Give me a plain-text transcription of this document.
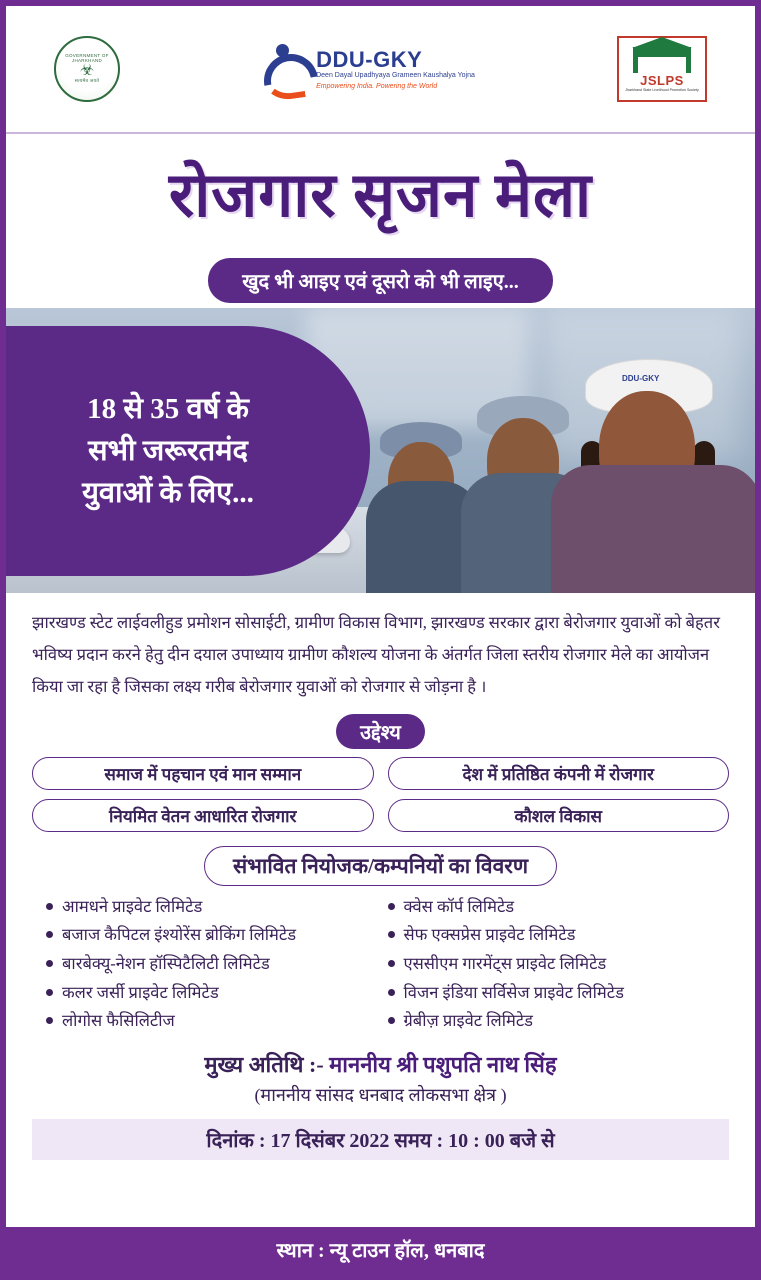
GOVERNMENT OF JHARKHAND
☣
सत्यमेव जयते
DDU-GKY
Deen Dayal Upadhyaya Grameen Kaushalya Yojna
Empowering India. Powering the World	JSLPS
Jharkhand State Livelihood Promotion Society
रोजगार सृजन मेला
खुद भी आइए एवं दूसरो को भी लाइए...
DDU-GKY
18 से 35 वर्ष के
सभी जरूरतमंद
युवाओं के लिए...
झारखण्ड स्टेट लाईवलीहुड प्रमोशन सोसाईटी, ग्रामीण विकास विभाग, झारखण्ड सरकार द्वारा बेरोजगार युवाओं को बेहतर भविष्य प्रदान करने हेतु दीन दयाल उपाध्याय ग्रामीण कौशल्य योजना के अंतर्गत जिला स्तरीय रोजगार मेले का आयोजन किया जा रहा है जिसका लक्ष्य गरीब बेरोजगार युवाओं को रोजगार से जोड़ना है ।
उद्देश्य
समाज में पहचान एवं मान सम्मान	देश में प्रतिष्ठित कंपनी में रोजगार
नियमित वेतन आधारित रोजगार	कौशल विकास
संभावित नियोजक/कम्पनियों का विवरण
आमधने प्राइवेट लिमिटेड	क्वेस कॉर्प लिमिटेड
बजाज कैपिटल इंश्योरेंस ब्रोकिंग लिमिटेड	सेफ एक्सप्रेस प्राइवेट लिमिटेड
बारबेक्यू-नेशन हॉस्पिटैलिटी लिमिटेड	एससीएम गारमेंट्स प्राइवेट लिमिटेड
कलर जर्सी प्राइवेट लिमिटेड	विजन इंडिया सर्विसेज प्राइवेट लिमिटेड
लोगोस फैसिलिटीज	ग्रेबीज़ प्राइवेट लिमिटेड
मुख्य अतिथि :- माननीय श्री पशुपति नाथ सिंह
(माननीय सांसद धनबाद लोकसभा क्षेत्र )
दिनांक : 17 दिसंबर 2022 समय : 10 : 00 बजे से
स्थान : न्यू टाउन हॉल, धनबाद
